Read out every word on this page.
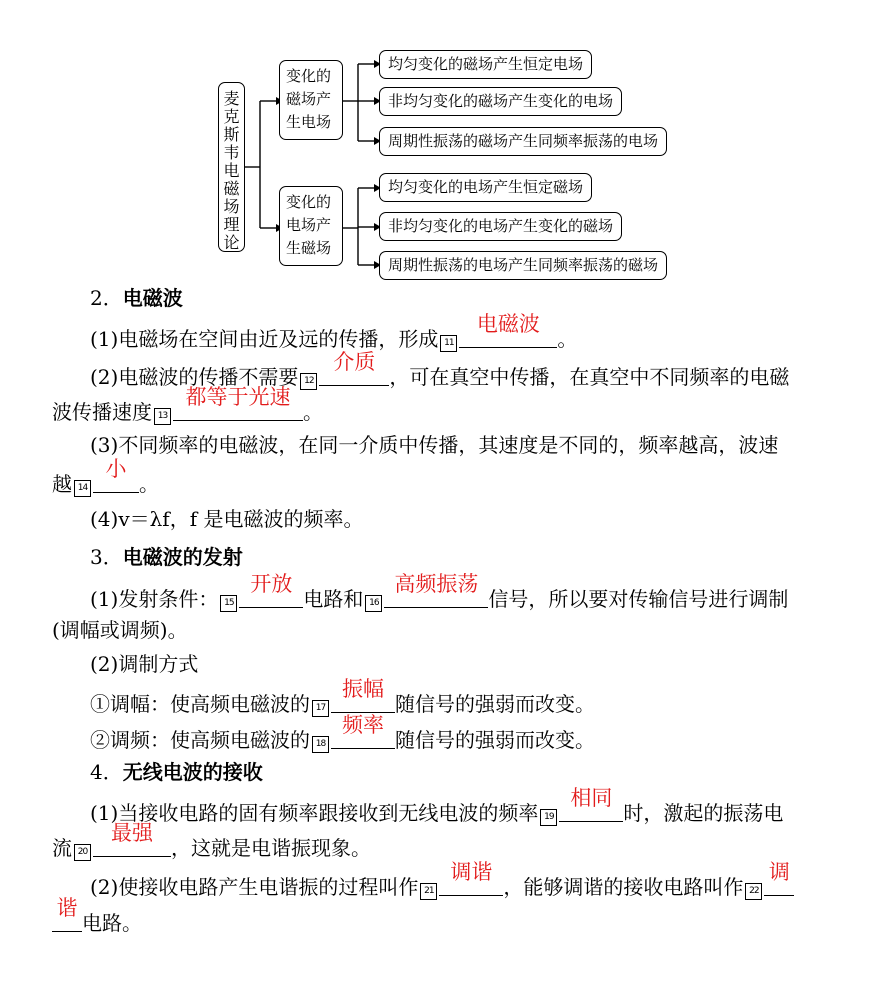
麦
克
斯
韦
电
磁
场
理
论
变化的
磁场产
生电场
变化的
电场产
生磁场
均匀变化的磁场产生恒定电场
非均匀变化的磁场产生变化的电场
周期性振荡的磁场产生同频率振荡的电场
均匀变化的电场产生恒定磁场
非均匀变化的电场产生变化的磁场
周期性振荡的电场产生同频率振荡的磁场
2．电磁波
(1)电磁场在空间由近及远的传播，形成 11
电磁波
。
(2)电磁波的传播不需要 12
介质
，可在真空中传播，在真空中不同频率的电磁
波传播速度 13
都等于光速
。
(3)不同频率的电磁波，在同一介质中传播，其速度是不同的，频率越高，波速
越 14
小
。
(4)v＝λf，f 是电磁波的频率。
3．电磁波的发射
(1)发射条件： 15
开放
电路和 16
高频振荡
信号，所以要对传输信号进行调制
(调幅或调频)。
(2)调制方式
①调幅：使高频电磁波的 17
振幅
随信号的强弱而改变。
②调频：使高频电磁波的 18
频率
随信号的强弱而改变。
4．无线电波的接收
(1)当接收电路的固有频率跟接收到无线电波的频率 19
相同
时，激起的振荡电
流 20
最强
，这就是电谐振现象。
(2)使接收电路产生电谐振的过程叫作 21
调谐
，能够调谐的接收电路叫作 22
调
谐
电路。
